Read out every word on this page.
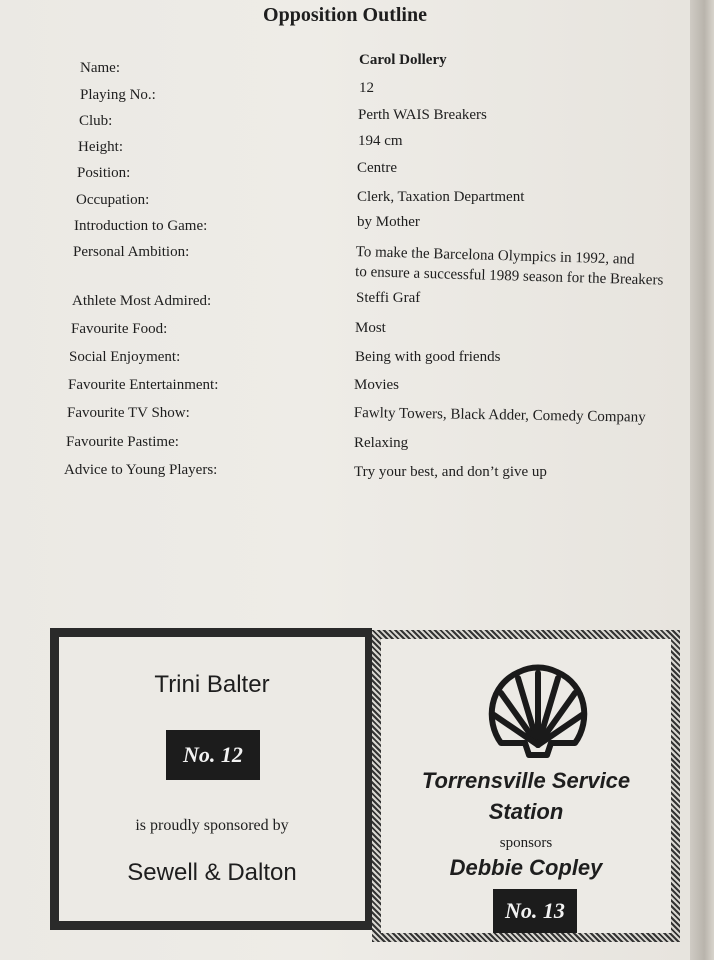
Opposition Outline
Name:	Carol Dollery
Playing No.:	12
Club:	Perth WAIS Breakers
Height:	194 cm
Position:	Centre
Occupation:	Clerk, Taxation Department
Introduction to Game:	by Mother
Personal Ambition:	To make the Barcelona Olympics in 1992, and
to ensure a successful 1989 season for the Breakers
Athlete Most Admired:	Steffi Graf
Favourite Food:	Most
Social Enjoyment:	Being with good friends
Favourite Entertainment:	Movies
Favourite TV Show:	Fawlty Towers, Black Adder, Comedy Company
Favourite Pastime:	Relaxing
Advice to Young Players:	Try your best, and don’t give up
Trini Balter
No. 12
is proudly sponsored by
Sewell & Dalton
Torrensville Service
Station
sponsors
Debbie Copley
No. 13
